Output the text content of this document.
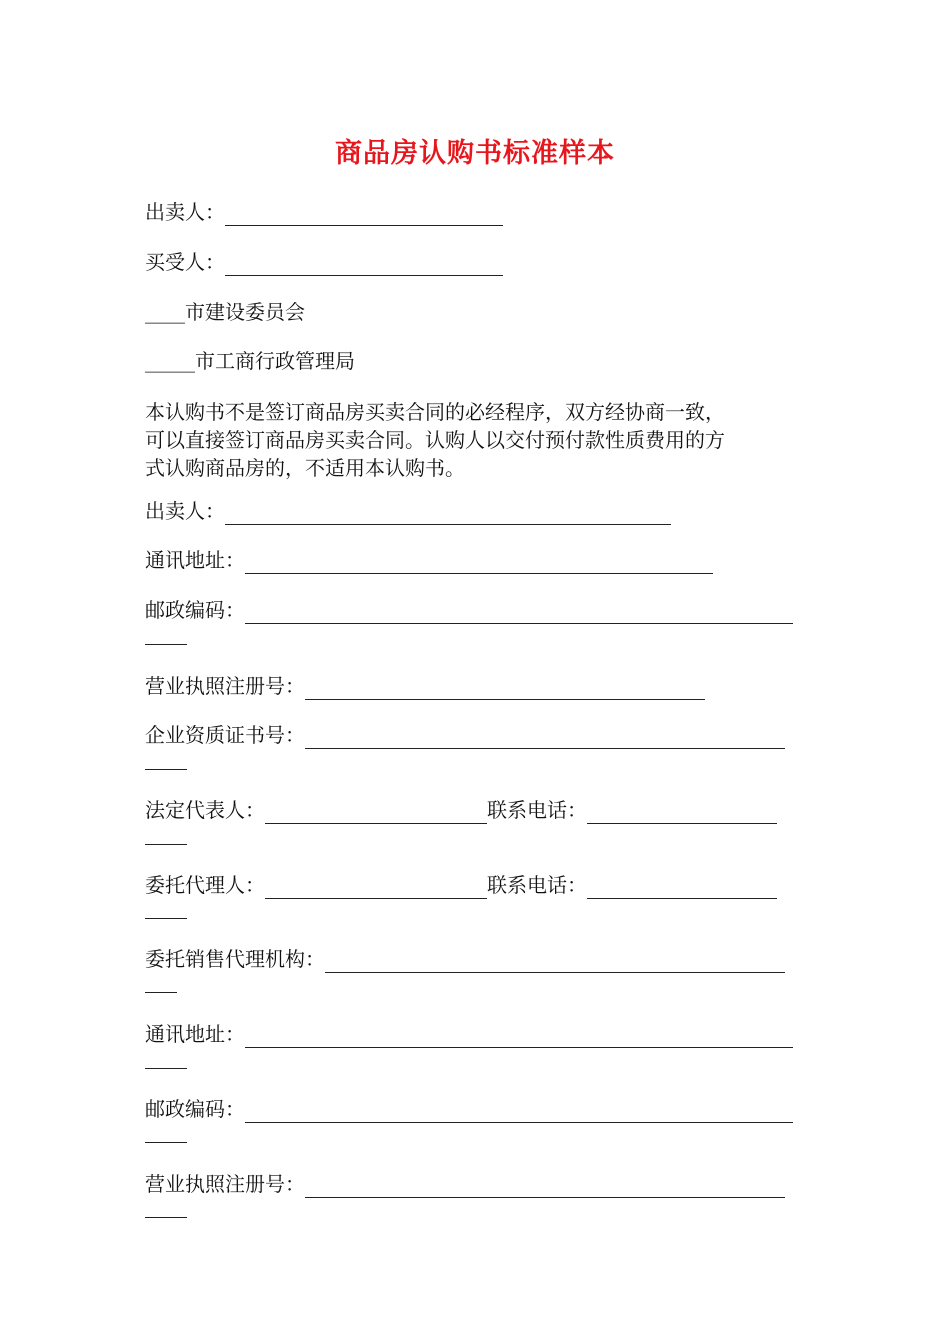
商品房认购书标准样本
出卖人：
买受人：
____市建设委员会
_____市工商行政管理局
本认购书不是签订商品房买卖合同的必经程序，双方经协商一致，
可以直接签订商品房买卖合同。认购人以交付预付款性质费用的方
式认购商品房的，不适用本认购书。
出卖人：
通讯地址：
邮政编码：
营业执照注册号：
企业资质证书号：
法定代表人：	联系电话：
委托代理人：	联系电话：
委托销售代理机构：
通讯地址：
邮政编码：
营业执照注册号：
